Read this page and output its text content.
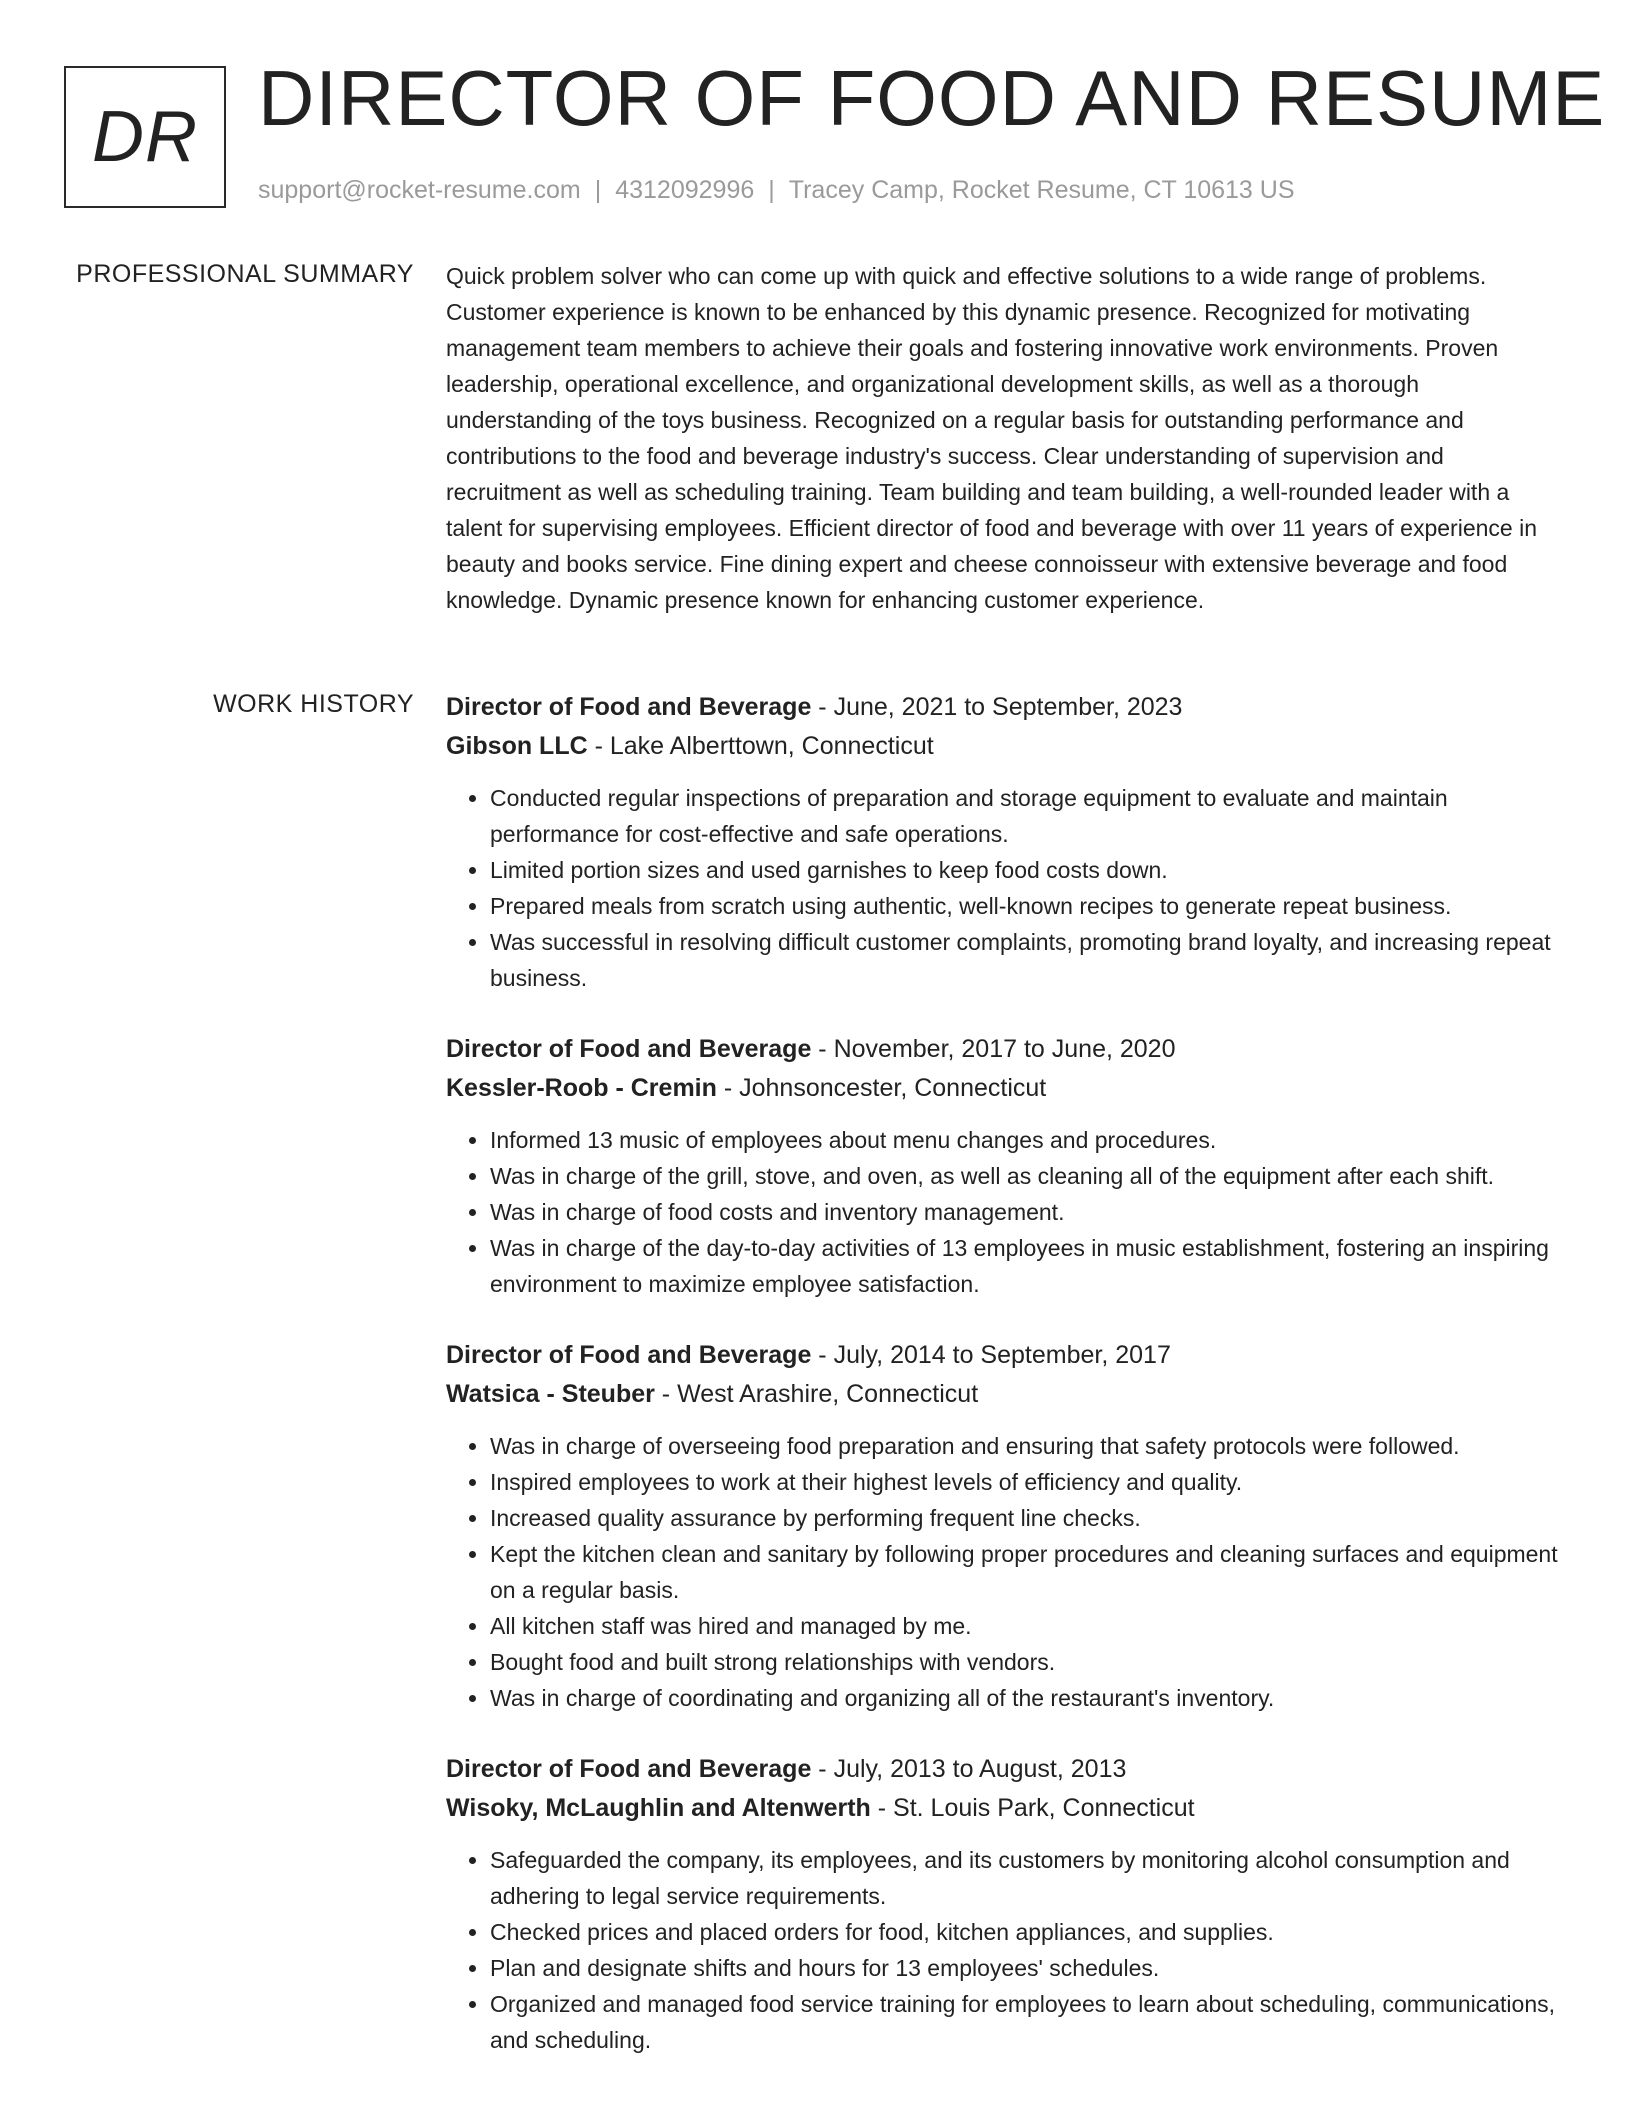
DR DIRECTOR OF FOOD AND RESUME
support@rocket-resume.com | 4312092996 | Tracey Camp, Rocket Resume, CT 10613 US
PROFESSIONAL SUMMARY Quick problem solver who can come up with quick and effective solutions to a wide range of problems. Customer experience is known to be enhanced by this dynamic presence. Recognized for motivating management team members to achieve their goals and fostering innovative work environments. Proven leadership, operational excellence, and organizational development skills, as well as a thorough understanding of the toys business. Recognized on a regular basis for outstanding performance and contributions to the food and beverage industry's success. Clear understanding of supervision and recruitment as well as scheduling training. Team building and team building, a well-rounded leader with a talent for supervising employees. Efficient director of food and beverage with over 11 years of experience in beauty and books service. Fine dining expert and cheese connoisseur with extensive beverage and food knowledge. Dynamic presence known for enhancing customer experience.
WORK HISTORY Director of Food and Beverage - June, 2021 to September, 2023
Gibson LLC - Lake Alberttown, Connecticut
• Conducted regular inspections of preparation and storage equipment to evaluate and maintain performance for cost-effective and safe operations.
• Limited portion sizes and used garnishes to keep food costs down.
• Prepared meals from scratch using authentic, well-known recipes to generate repeat business.
• Was successful in resolving difficult customer complaints, promoting brand loyalty, and increasing repeat business.
Director of Food and Beverage - November, 2017 to June, 2020
Kessler-Roob - Cremin - Johnsoncester, Connecticut
• Informed 13 music of employees about menu changes and procedures.
• Was in charge of the grill, stove, and oven, as well as cleaning all of the equipment after each shift.
• Was in charge of food costs and inventory management.
• Was in charge of the day-to-day activities of 13 employees in music establishment, fostering an inspiring environment to maximize employee satisfaction.
Director of Food and Beverage - July, 2014 to September, 2017
Watsica - Steuber - West Arashire, Connecticut
• Was in charge of overseeing food preparation and ensuring that safety protocols were followed.
• Inspired employees to work at their highest levels of efficiency and quality.
• Increased quality assurance by performing frequent line checks.
• Kept the kitchen clean and sanitary by following proper procedures and cleaning surfaces and equipment on a regular basis.
• All kitchen staff was hired and managed by me.
• Bought food and built strong relationships with vendors.
• Was in charge of coordinating and organizing all of the restaurant's inventory.
Director of Food and Beverage - July, 2013 to August, 2013
Wisoky, McLaughlin and Altenwerth - St. Louis Park, Connecticut
• Safeguarded the company, its employees, and its customers by monitoring alcohol consumption and adhering to legal service requirements.
• Checked prices and placed orders for food, kitchen appliances, and supplies.
• Plan and designate shifts and hours for 13 employees' schedules.
• Organized and managed food service training for employees to learn about scheduling, communications, and scheduling.
